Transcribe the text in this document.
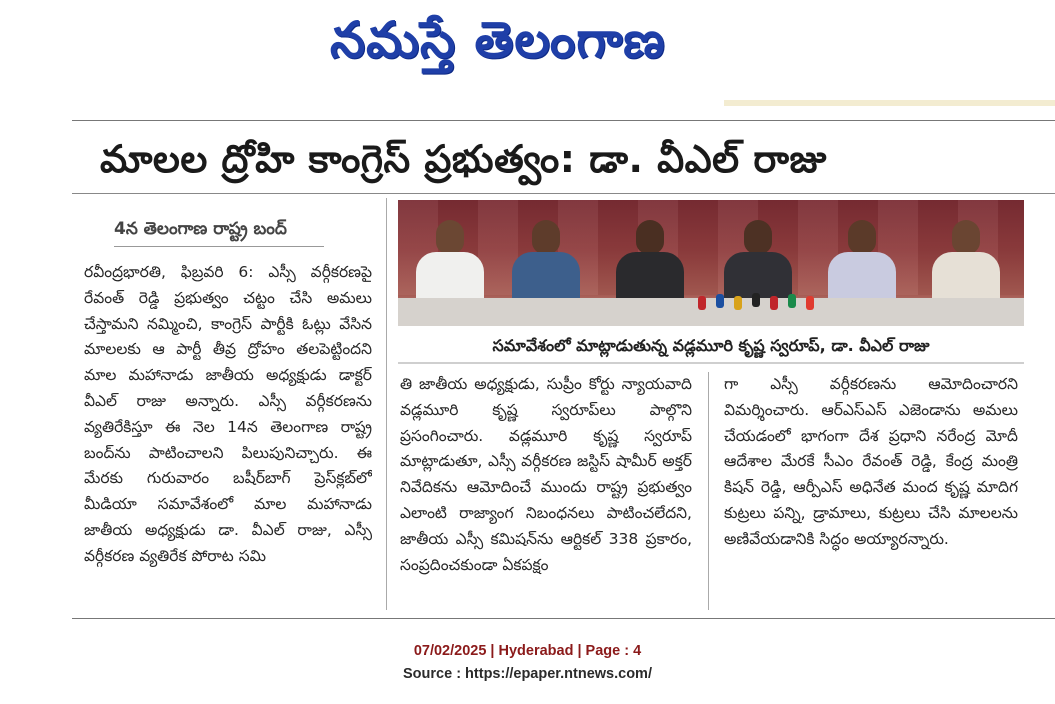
నమస్తే తెలంగాణ
మాలల ద్రోహి కాంగ్రెస్ ప్రభుత్వం: డా. వీఎల్ రాజు
4న తెలంగాణ రాష్ట్ర బంద్
రవీంద్రభారతి, ఫిబ్రవరి 6: ఎస్సీ వర్గీకరణపై రేవంత్ రెడ్డి ప్రభుత్వం చట్టం చేసి అమలు చేస్తామని నమ్మించి, కాంగ్రెస్ పార్టీకి ఓట్లు వేసిన మాలలకు ఆ పార్టీ తీవ్ర ద్రోహం తలపెట్టిందని మాల మహానాడు జాతీయ అధ్యక్షుడు డాక్టర్ వీఎల్ రాజు అన్నారు. ఎస్సీ వర్గీకరణను వ్యతిరేకిస్తూ ఈ నెల 14న తెలంగాణ రాష్ట్ర బంద్‌ను పాటించాలని పిలుపునిచ్చారు. ఈ మేరకు గురువారం బషీర్‌బాగ్ ప్రెస్‌క్లబ్‌లో మీడియా సమావేశంలో మాల మహానాడు జాతీయ అధ్యక్షుడు డా. వీఎల్ రాజు, ఎస్సీ వర్గీకరణ వ్యతిరేక పోరాట సమి
సమావేశంలో మాట్లాడుతున్న వడ్లమూరి కృష్ణ స్వరూప్, డా. వీఎల్ రాజు
తి జాతీయ అధ్యక్షుడు, సుప్రీం కోర్టు న్యాయవాది వడ్లమూరి కృష్ణ స్వరూప్‌లు పాల్గొని ప్రసంగించారు. వడ్లమూరి కృష్ణ స్వరూప్ మాట్లాడుతూ, ఎస్సీ వర్గీకరణ జస్టిస్ షామీర్ అక్తర్ నివేదికను ఆమోదించే ముందు రాష్ట్ర ప్రభుత్వం ఎలాంటి రాజ్యాంగ నిబంధనలు పాటించలేదని, జాతీయ ఎస్సీ కమిషన్‌ను ఆర్టికల్ 338 ప్రకారం, సంప్రదించకుండా ఏకపక్షం
గా ఎస్సీ వర్గీకరణను ఆమోదించారని విమర్శించారు. ఆర్‌ఎస్‌ఎస్ ఎజెండాను అమలు చేయడంలో భాగంగా దేశ ప్రధాని నరేంద్ర మోదీ ఆదేశాల మేరకే సీఎం రేవంత్ రెడ్డి, కేంద్ర మంత్రి కిషన్ రెడ్డి, ఆర్పీఎస్ అధినేత మంద కృష్ణ మాదిగ కుట్రలు పన్ని, డ్రామాలు, కుట్రలు చేసి మాలలను అణివేయడానికి సిద్ధం అయ్యారన్నారు.
07/02/2025 | Hyderabad | Page : 4
Source : https://epaper.ntnews.com/
